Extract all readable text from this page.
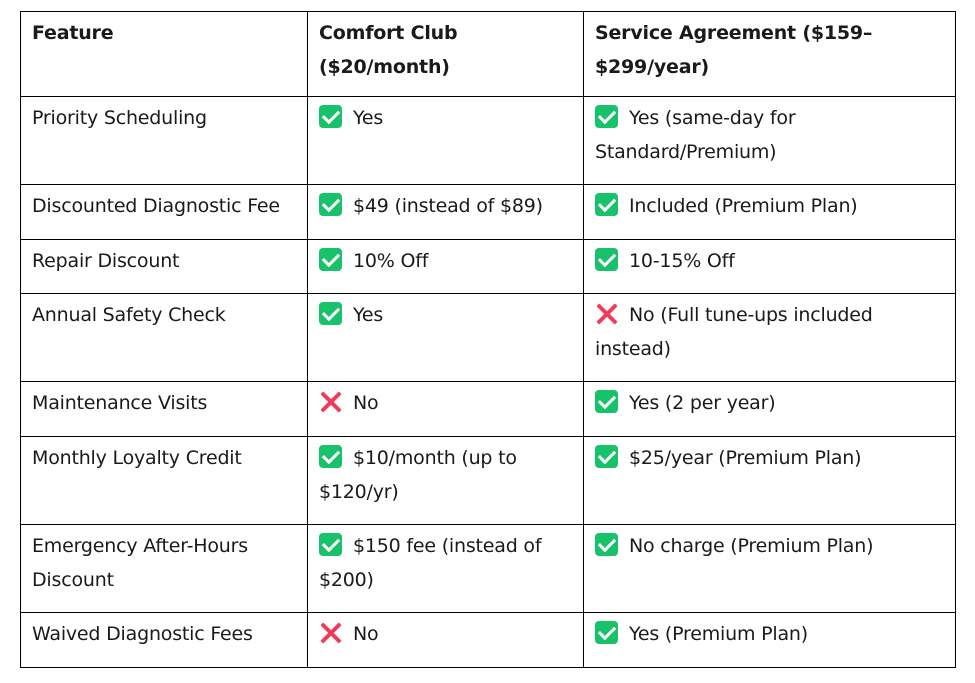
Feature	Comfort Club ($20/month)	Service Agreement ($159–$299/year)
Priority Scheduling	Yes	Yes (same-day for Standard/Premium)
Discounted Diagnostic Fee	$49 (instead of $89)	Included (Premium Plan)
Repair Discount	10% Off	10-15% Off
Annual Safety Check	Yes	No (Full tune-ups included instead)
Maintenance Visits	No	Yes (2 per year)
Monthly Loyalty Credit	$10/month (up to $120/yr)	$25/year (Premium Plan)
Emergency After-Hours Discount	$150 fee (instead of $200)	No charge (Premium Plan)
Waived Diagnostic Fees	No	Yes (Premium Plan)
